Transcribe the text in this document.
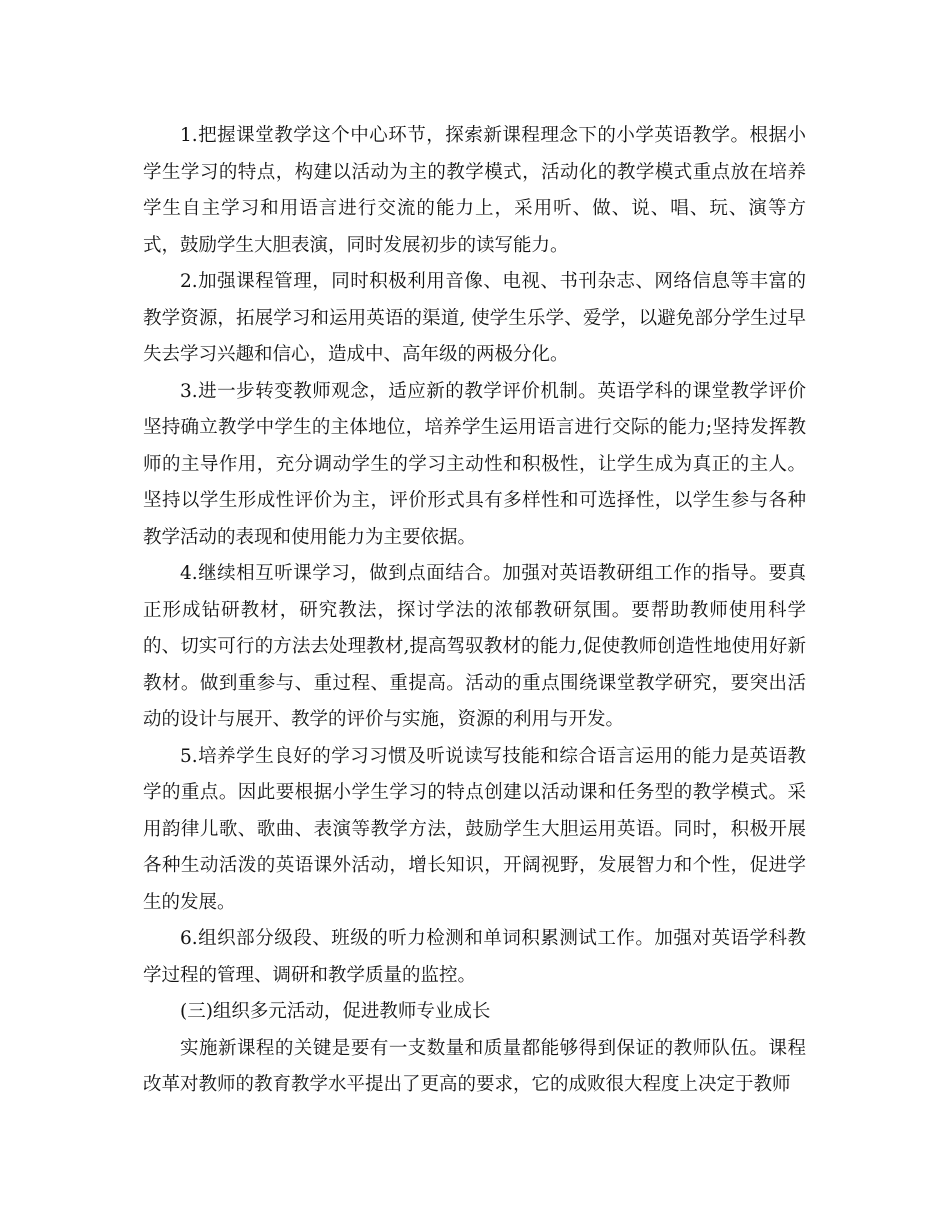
1.把握课堂教学这个中心环节，探索新课程理念下的小学英语教学。根据小学生学习的特点，构建以活动为主的教学模式，活动化的教学模式重点放在培养学生自主学习和用语言进行交流的能力上，采用听、做、说、唱、玩、演等方式，鼓励学生大胆表演，同时发展初步的读写能力。

2.加强课程管理，同时积极利用音像、电视、书刊杂志、网络信息等丰富的教学资源，拓展学习和运用英语的渠道, 使学生乐学、爱学，以避免部分学生过早失去学习兴趣和信心，造成中、高年级的两极分化。

3.进一步转变教师观念，适应新的教学评价机制。英语学科的课堂教学评价坚持确立教学中学生的主体地位，培养学生运用语言进行交际的能力;坚持发挥教师的主导作用，充分调动学生的学习主动性和积极性，让学生成为真正的主人。坚持以学生形成性评价为主，评价形式具有多样性和可选择性，以学生参与各种教学活动的表现和使用能力为主要依据。

4.继续相互听课学习，做到点面结合。加强对英语教研组工作的指导。要真正形成钻研教材，研究教法，探讨学法的浓郁教研氛围。要帮助教师使用科学的、切实可行的方法去处理教材,提高驾驭教材的能力,促使教师创造性地使用好新教材。做到重参与、重过程、重提高。活动的重点围绕课堂教学研究，要突出活动的设计与展开、教学的评价与实施，资源的利用与开发。

5.培养学生良好的学习习惯及听说读写技能和综合语言运用的能力是英语教学的重点。因此要根据小学生学习的特点创建以活动课和任务型的教学模式。采用韵律儿歌、歌曲、表演等教学方法，鼓励学生大胆运用英语。同时，积极开展各种生动活泼的英语课外活动，增长知识，开阔视野，发展智力和个性，促进学生的发展。

6.组织部分级段、班级的听力检测和单词积累测试工作。加强对英语学科教学过程的管理、调研和教学质量的监控。

(三)组织多元活动，促进教师专业成长

实施新课程的关键是要有一支数量和质量都能够得到保证的教师队伍。课程改革对教师的教育教学水平提出了更高的要求，它的成败很大程度上决定于教师
